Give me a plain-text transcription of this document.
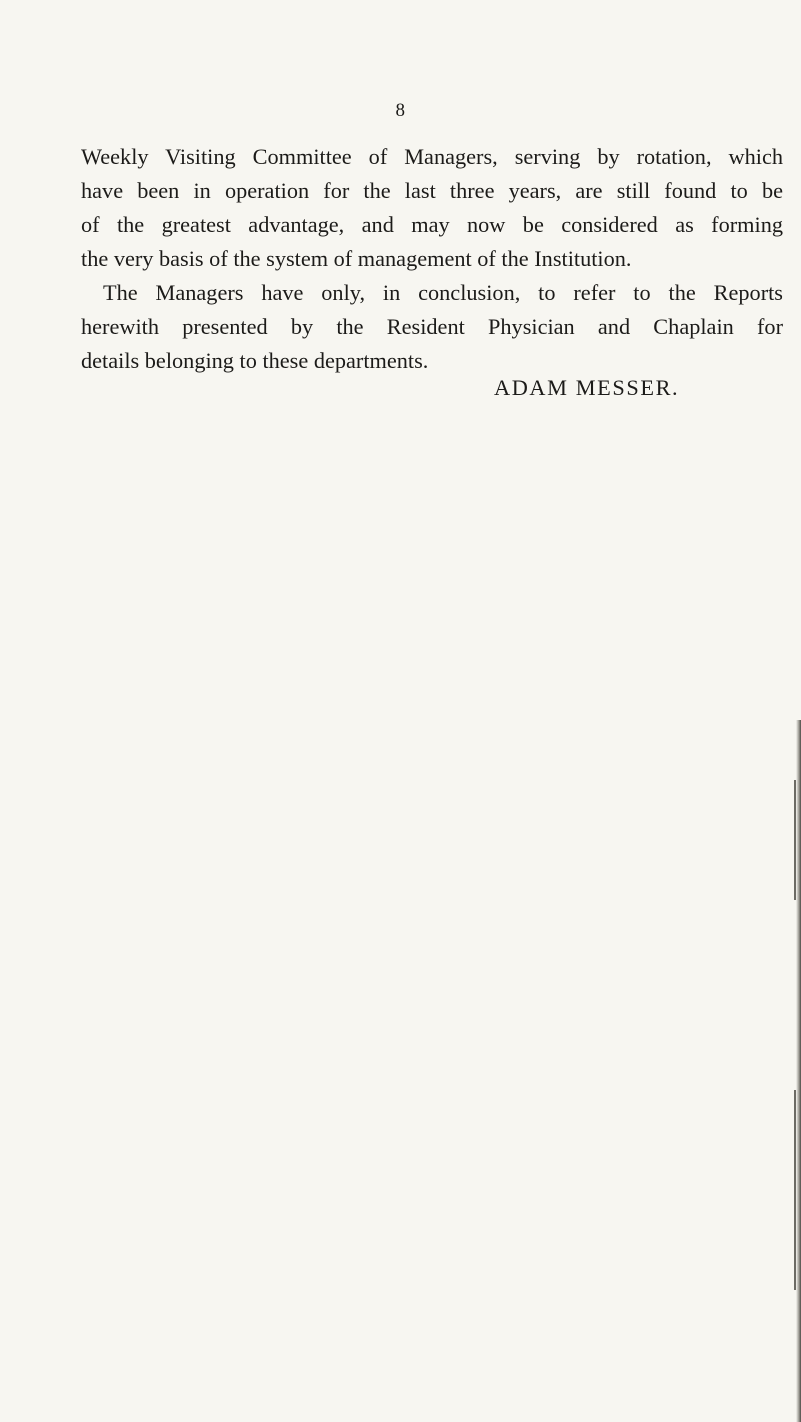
8
Weekly Visiting Committee of Managers, serving by rotation, which
have been in operation for the last three years, are still found to be
of the greatest advantage, and may now be considered as forming
the very basis of the system of management of the Institution.
The Managers have only, in conclusion, to refer to the Reports
herewith presented by the Resident Physician and Chaplain for
details belonging to these departments.
ADAM MESSER.
